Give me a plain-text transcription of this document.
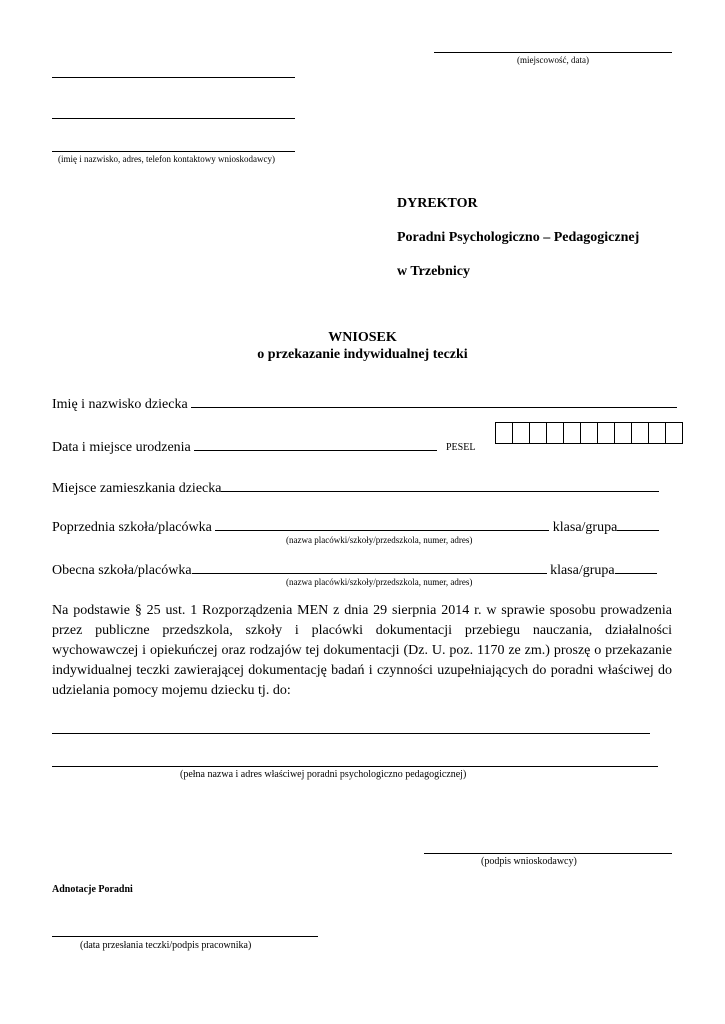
(miejscowość, data)
(imię i nazwisko, adres, telefon kontaktowy wnioskodawcy)
DYREKTOR
Poradni Psychologiczno – Pedagogicznej
w Trzebnicy
WNIOSEK
o przekazanie indywidualnej teczki
Imię i nazwisko dziecka
Data i miejsce urodzenia	PESEL
Miejsce zamieszkania dziecka
Poprzednia szkoła/placówka	klasa/grupa
(nazwa placówki/szkoły/przedszkola, numer, adres)
Obecna szkoła/placówka	klasa/grupa
(nazwa placówki/szkoły/przedszkola, numer, adres)
Na podstawie § 25 ust. 1 Rozporządzenia MEN z dnia 29 sierpnia 2014 r. w sprawie sposobu prowadzenia przez publiczne przedszkola, szkoły i placówki dokumentacji przebiegu nauczania, działalności wychowawczej i opiekuńczej oraz rodzajów tej dokumentacji (Dz. U. poz. 1170 ze zm.) proszę o przekazanie indywidualnej teczki zawierającej dokumentację badań i czynności uzupełniających do poradni właściwej do udzielania pomocy mojemu dziecku tj. do:
(pełna nazwa i adres właściwej poradni psychologiczno pedagogicznej)
(podpis wnioskodawcy)
Adnotacje Poradni
(data przesłania teczki/podpis pracownika)
